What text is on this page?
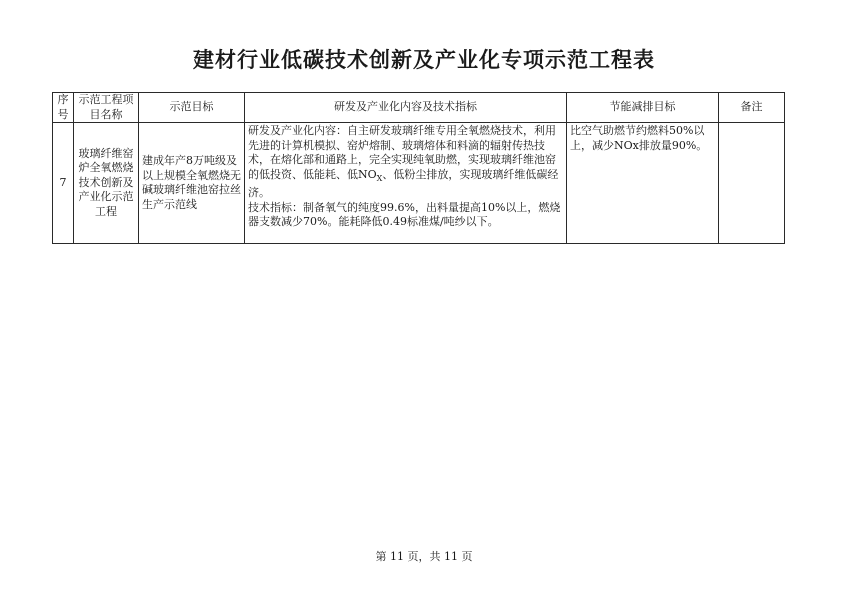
建材行业低碳技术创新及产业化专项示范工程表
序号	示范工程项目名称	示范目标	研发及产业化内容及技术指标	节能减排目标	备注
7	玻璃纤维窑炉全氧燃烧技术创新及产业化示范工程	建成年产8万吨级及以上规模全氧燃烧无碱玻璃纤维池窑拉丝生产示范线	研发及产业化内容：自主研发玻璃纤维专用全氧燃烧技术，利用先进的计算机模拟、窑炉熔制、玻璃熔体和料滴的辐射传热技术，在熔化部和通路上，完全实现纯氧助燃，实现玻璃纤维池窑的低投资、低能耗、低$NO_X$、低粉尘排放，实现玻璃纤维低碳经济。
技术指标：制备氧气的纯度99.6%，出料量提高10%以上，燃烧器支数减少70%。能耗降低0.49标准煤/吨纱以下。	比空气助燃节约燃料50%以上，减少NOx排放量90%。	
第 11 页，共 11 页
